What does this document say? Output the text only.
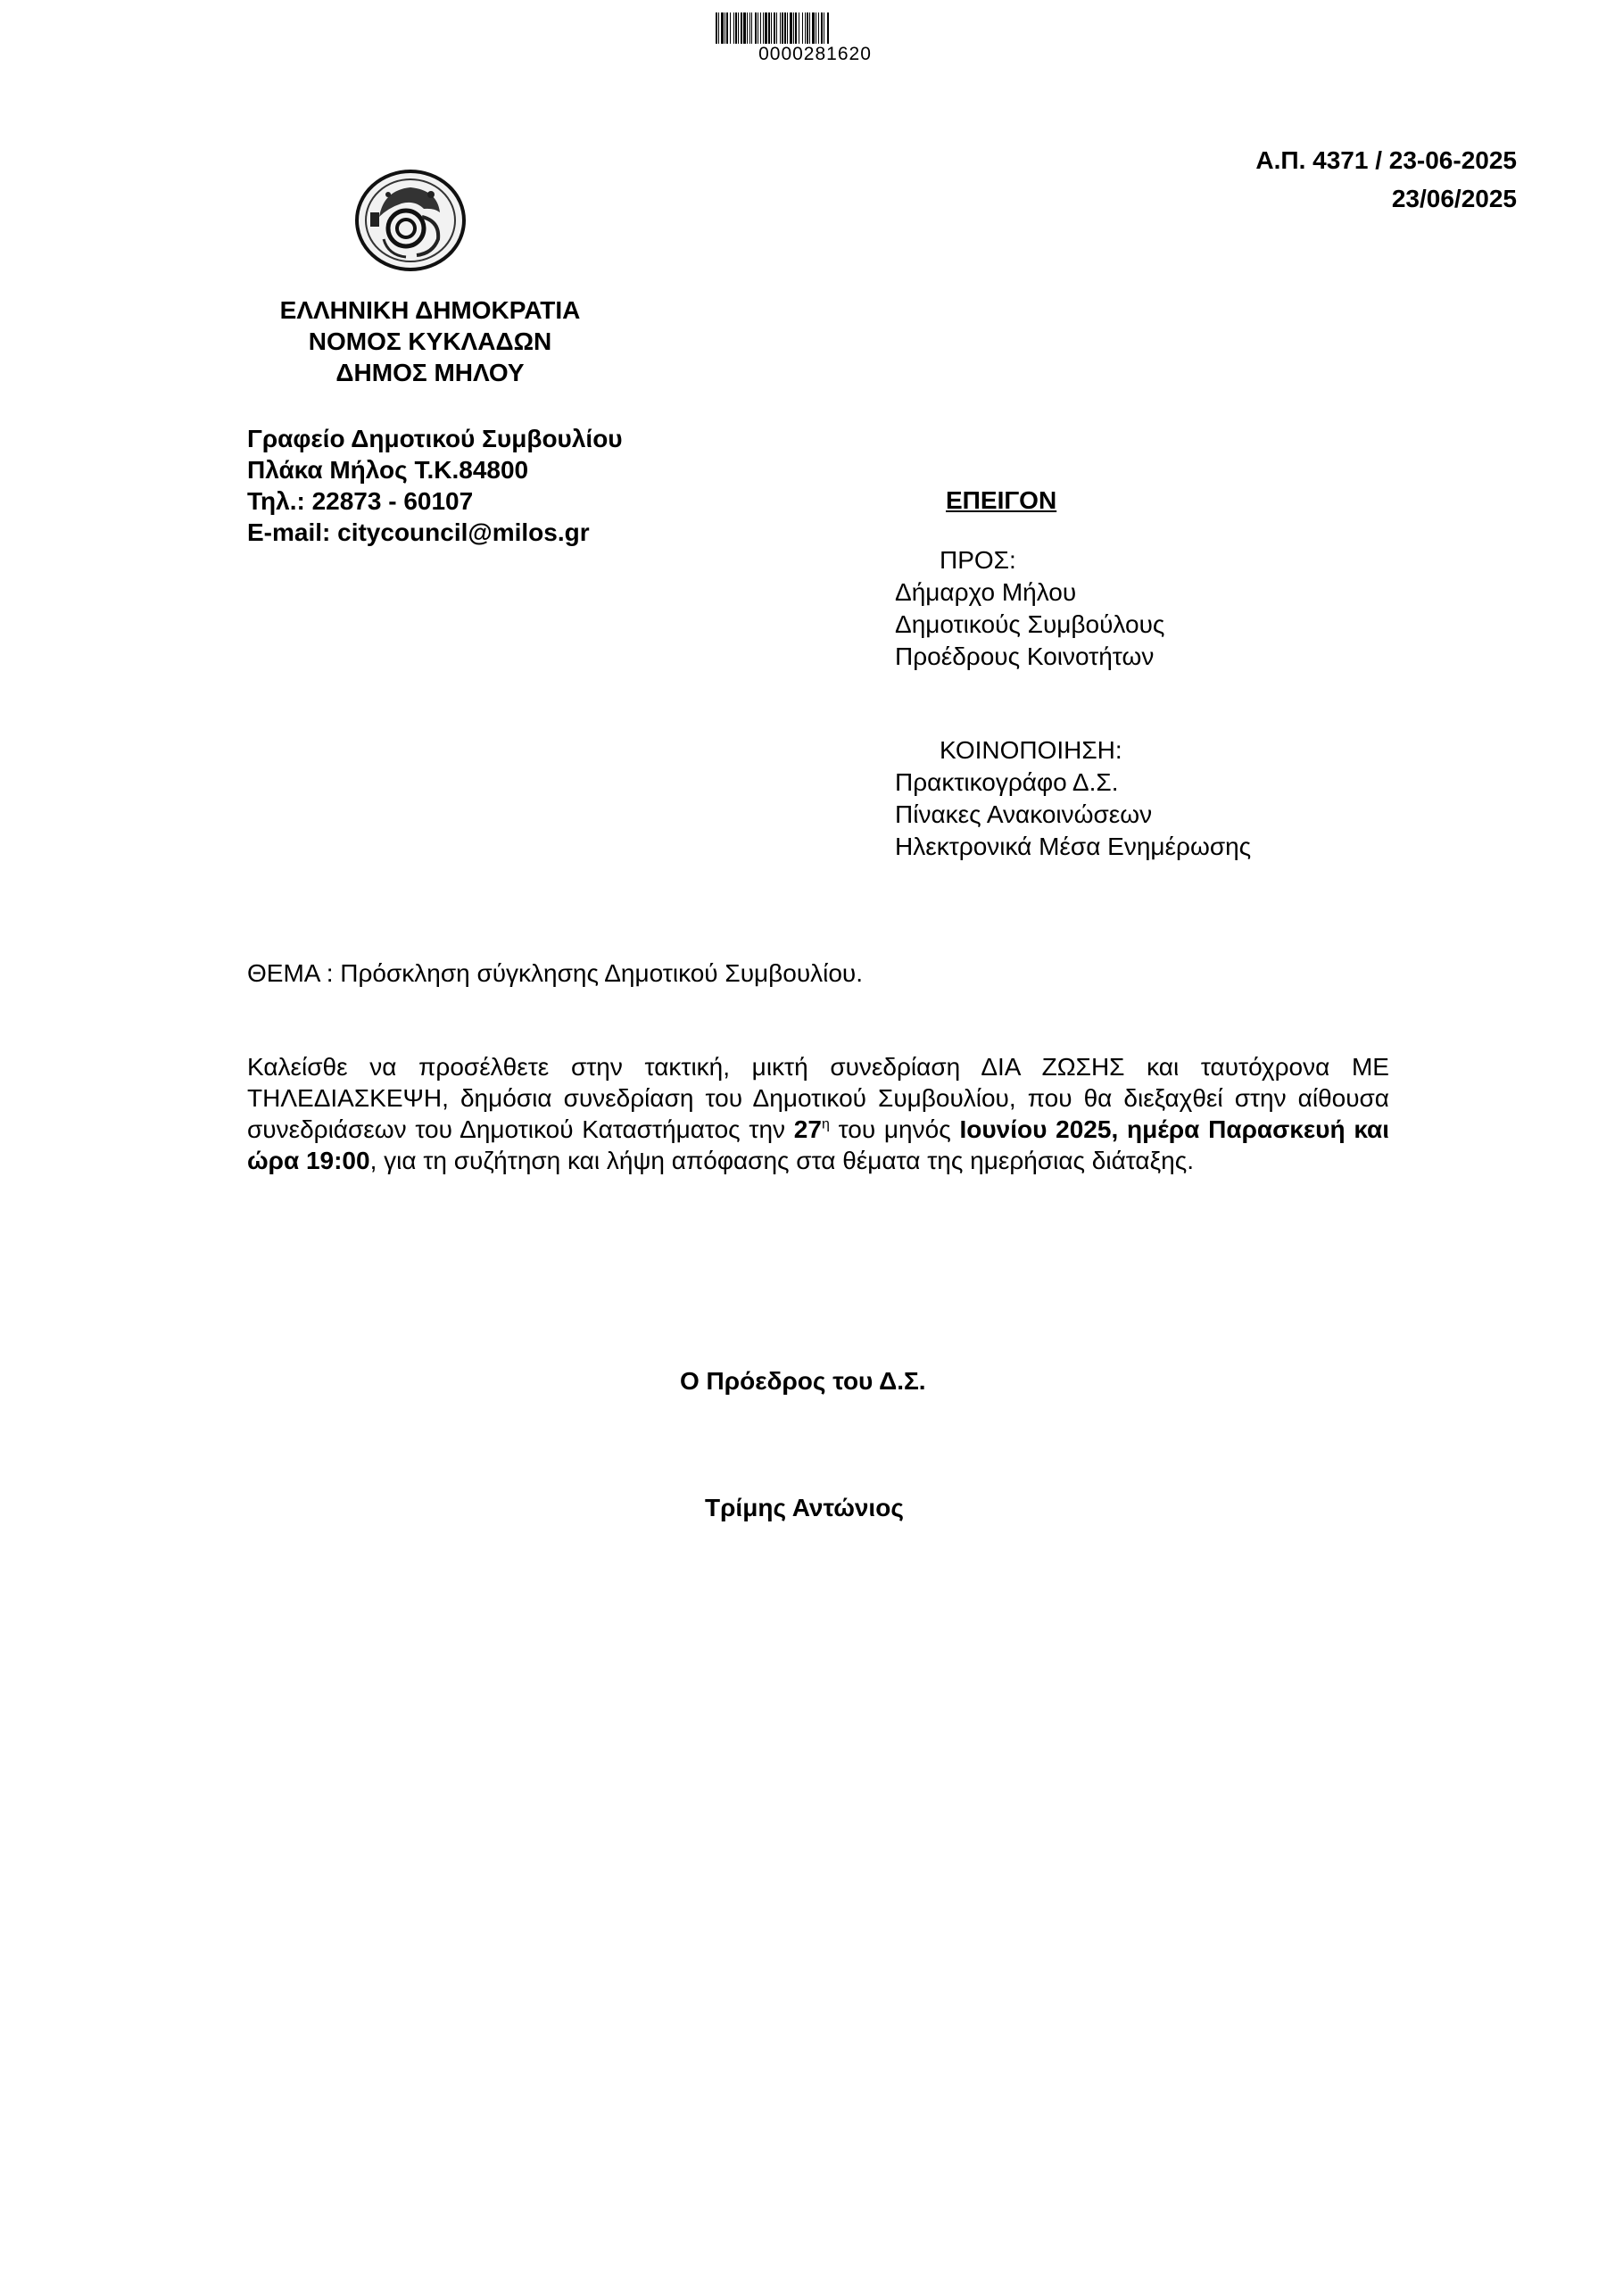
0000281620
Α.Π. 4371 / 23-06-2025
23/06/2025
ΕΛΛΗΝΙΚΗ ΔΗΜΟΚΡΑΤΙΑ
ΝΟΜΟΣ ΚΥΚΛΑΔΩΝ
ΔΗΜΟΣ ΜΗΛΟΥ
Γραφείο Δημοτικού Συμβουλίου
Πλάκα Μήλος Τ.Κ.84800
Τηλ.: 22873 - 60107
E-mail: citycouncil@milos.gr
ΕΠΕΙΓΟΝ
ΠΡΟΣ:
Δήμαρχο Μήλου
Δημοτικούς Συμβούλους
Προέδρους Κοινοτήτων
ΚΟΙΝΟΠΟΙΗΣΗ:
Πρακτικογράφο Δ.Σ.
Πίνακες Ανακοινώσεων
Ηλεκτρονικά Μέσα Ενημέρωσης
ΘΕΜΑ : Πρόσκληση σύγκλησης Δημοτικού Συμβουλίου.
Καλείσθε να προσέλθετε στην τακτική, μικτή συνεδρίαση ΔΙΑ ΖΩΣΗΣ και ταυτόχρονα ΜΕ ΤΗΛΕΔΙΑΣΚΕΨΗ, δημόσια συνεδρίαση του Δημοτικού Συμβουλίου, που θα διεξαχθεί στην αίθουσα συνεδριάσεων του Δημοτικού Καταστήματος την $27^\eta$ του μηνός Ιουνίου 2025, ημέρα Παρασκευή και ώρα 19:00, για τη συζήτηση και λήψη απόφασης στα θέματα της ημερήσιας διάταξης.
Ο Πρόεδρος του Δ.Σ.
Τρίμης Αντώνιος
